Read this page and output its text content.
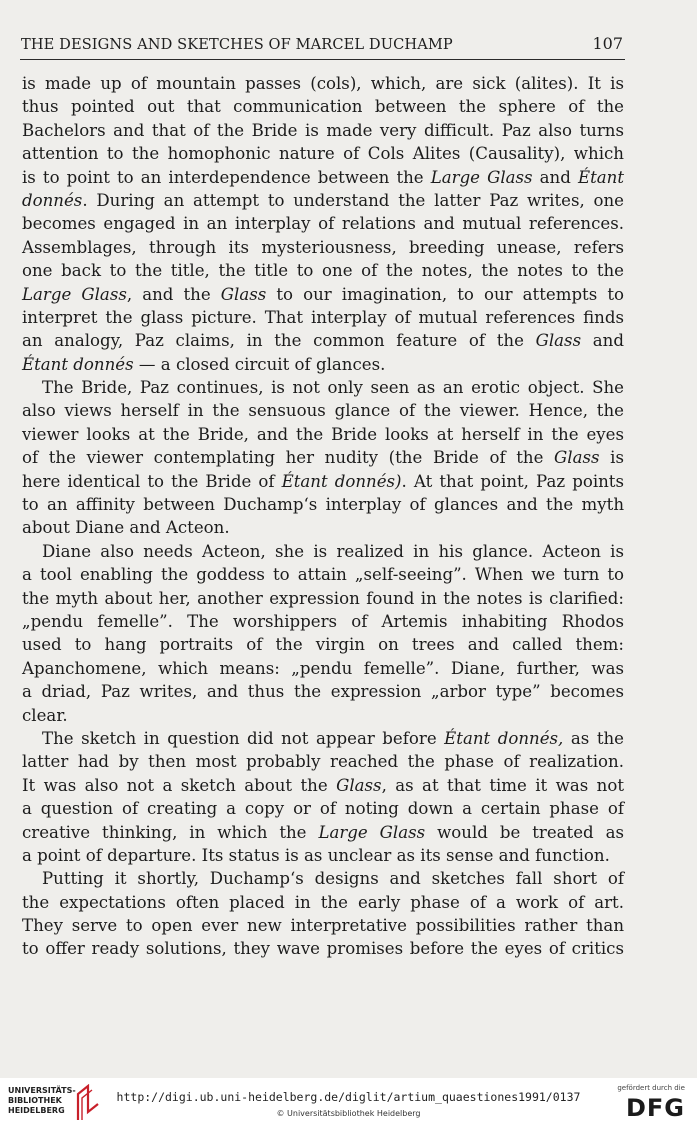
THE DESIGNS AND SKETCHES OF MARCEL DUCHAMP	107
is made up of mountain passes (cols), which, are sick (alites). It is
thus pointed out that communication between the sphere of the
Bachelors and that of the Bride is made very difficult. Paz also turns
attention to the homophonic nature of Cols Alites (Causality), which
is to point to an interdependence between the Large Glass and Étant
donnés. During an attempt to understand the latter Paz writes, one
becomes engaged in an interplay of relations and mutual references.
Assemblages, through its mysteriousness, breeding unease, refers
one back to the title, the title to one of the notes, the notes to the
Large Glass, and the Glass to our imagination, to our attempts to
interpret the glass picture. That interplay of mutual references finds
an analogy, Paz claims, in the common feature of the Glass and
Étant donnés — a closed circuit of glances.
The Bride, Paz continues, is not only seen as an erotic object. She
also views herself in the sensuous glance of the viewer. Hence, the
viewer looks at the Bride, and the Bride looks at herself in the eyes
of the viewer contemplating her nudity (the Bride of the Glass is
here identical to the Bride of Étant donnés). At that point, Paz points
to an affinity between Duchamp‘s interplay of glances and the myth
about Diane and Acteon.
Diane also needs Acteon, she is realized in his glance. Acteon is
a tool enabling the goddess to attain „self-seeing”. When we turn to
the myth about her, another expression found in the notes is clarified:
„pendu femelle”. The worshippers of Artemis inhabiting Rhodos
used to hang portraits of the virgin on trees and called them:
Apanchomene, which means: „pendu femelle”. Diane, further, was
a driad, Paz writes, and thus the expression „arbor type” becomes
clear.
The sketch in question did not appear before Étant donnés, as the
latter had by then most probably reached the phase of realization.
It was also not a sketch about the Glass, as at that time it was not
a question of creating a copy or of noting down a certain phase of
creative thinking, in which the Large Glass would be treated as
a point of departure. Its status is as unclear as its sense and function.
Putting it shortly, Duchamp‘s designs and sketches fall short of
the expectations often placed in the early phase of a work of art.
They serve to open ever new interpretative possibilities rather than
to offer ready solutions, they wave promises before the eyes of critics
UNIVERSITÄTS-
BIBLIOTHEK
HEIDELBERG
http://digi.ub.uni-heidelberg.de/diglit/artium_quaestiones1991/0137
© Universitätsbibliothek Heidelberg
gefördert durch die
DFG
